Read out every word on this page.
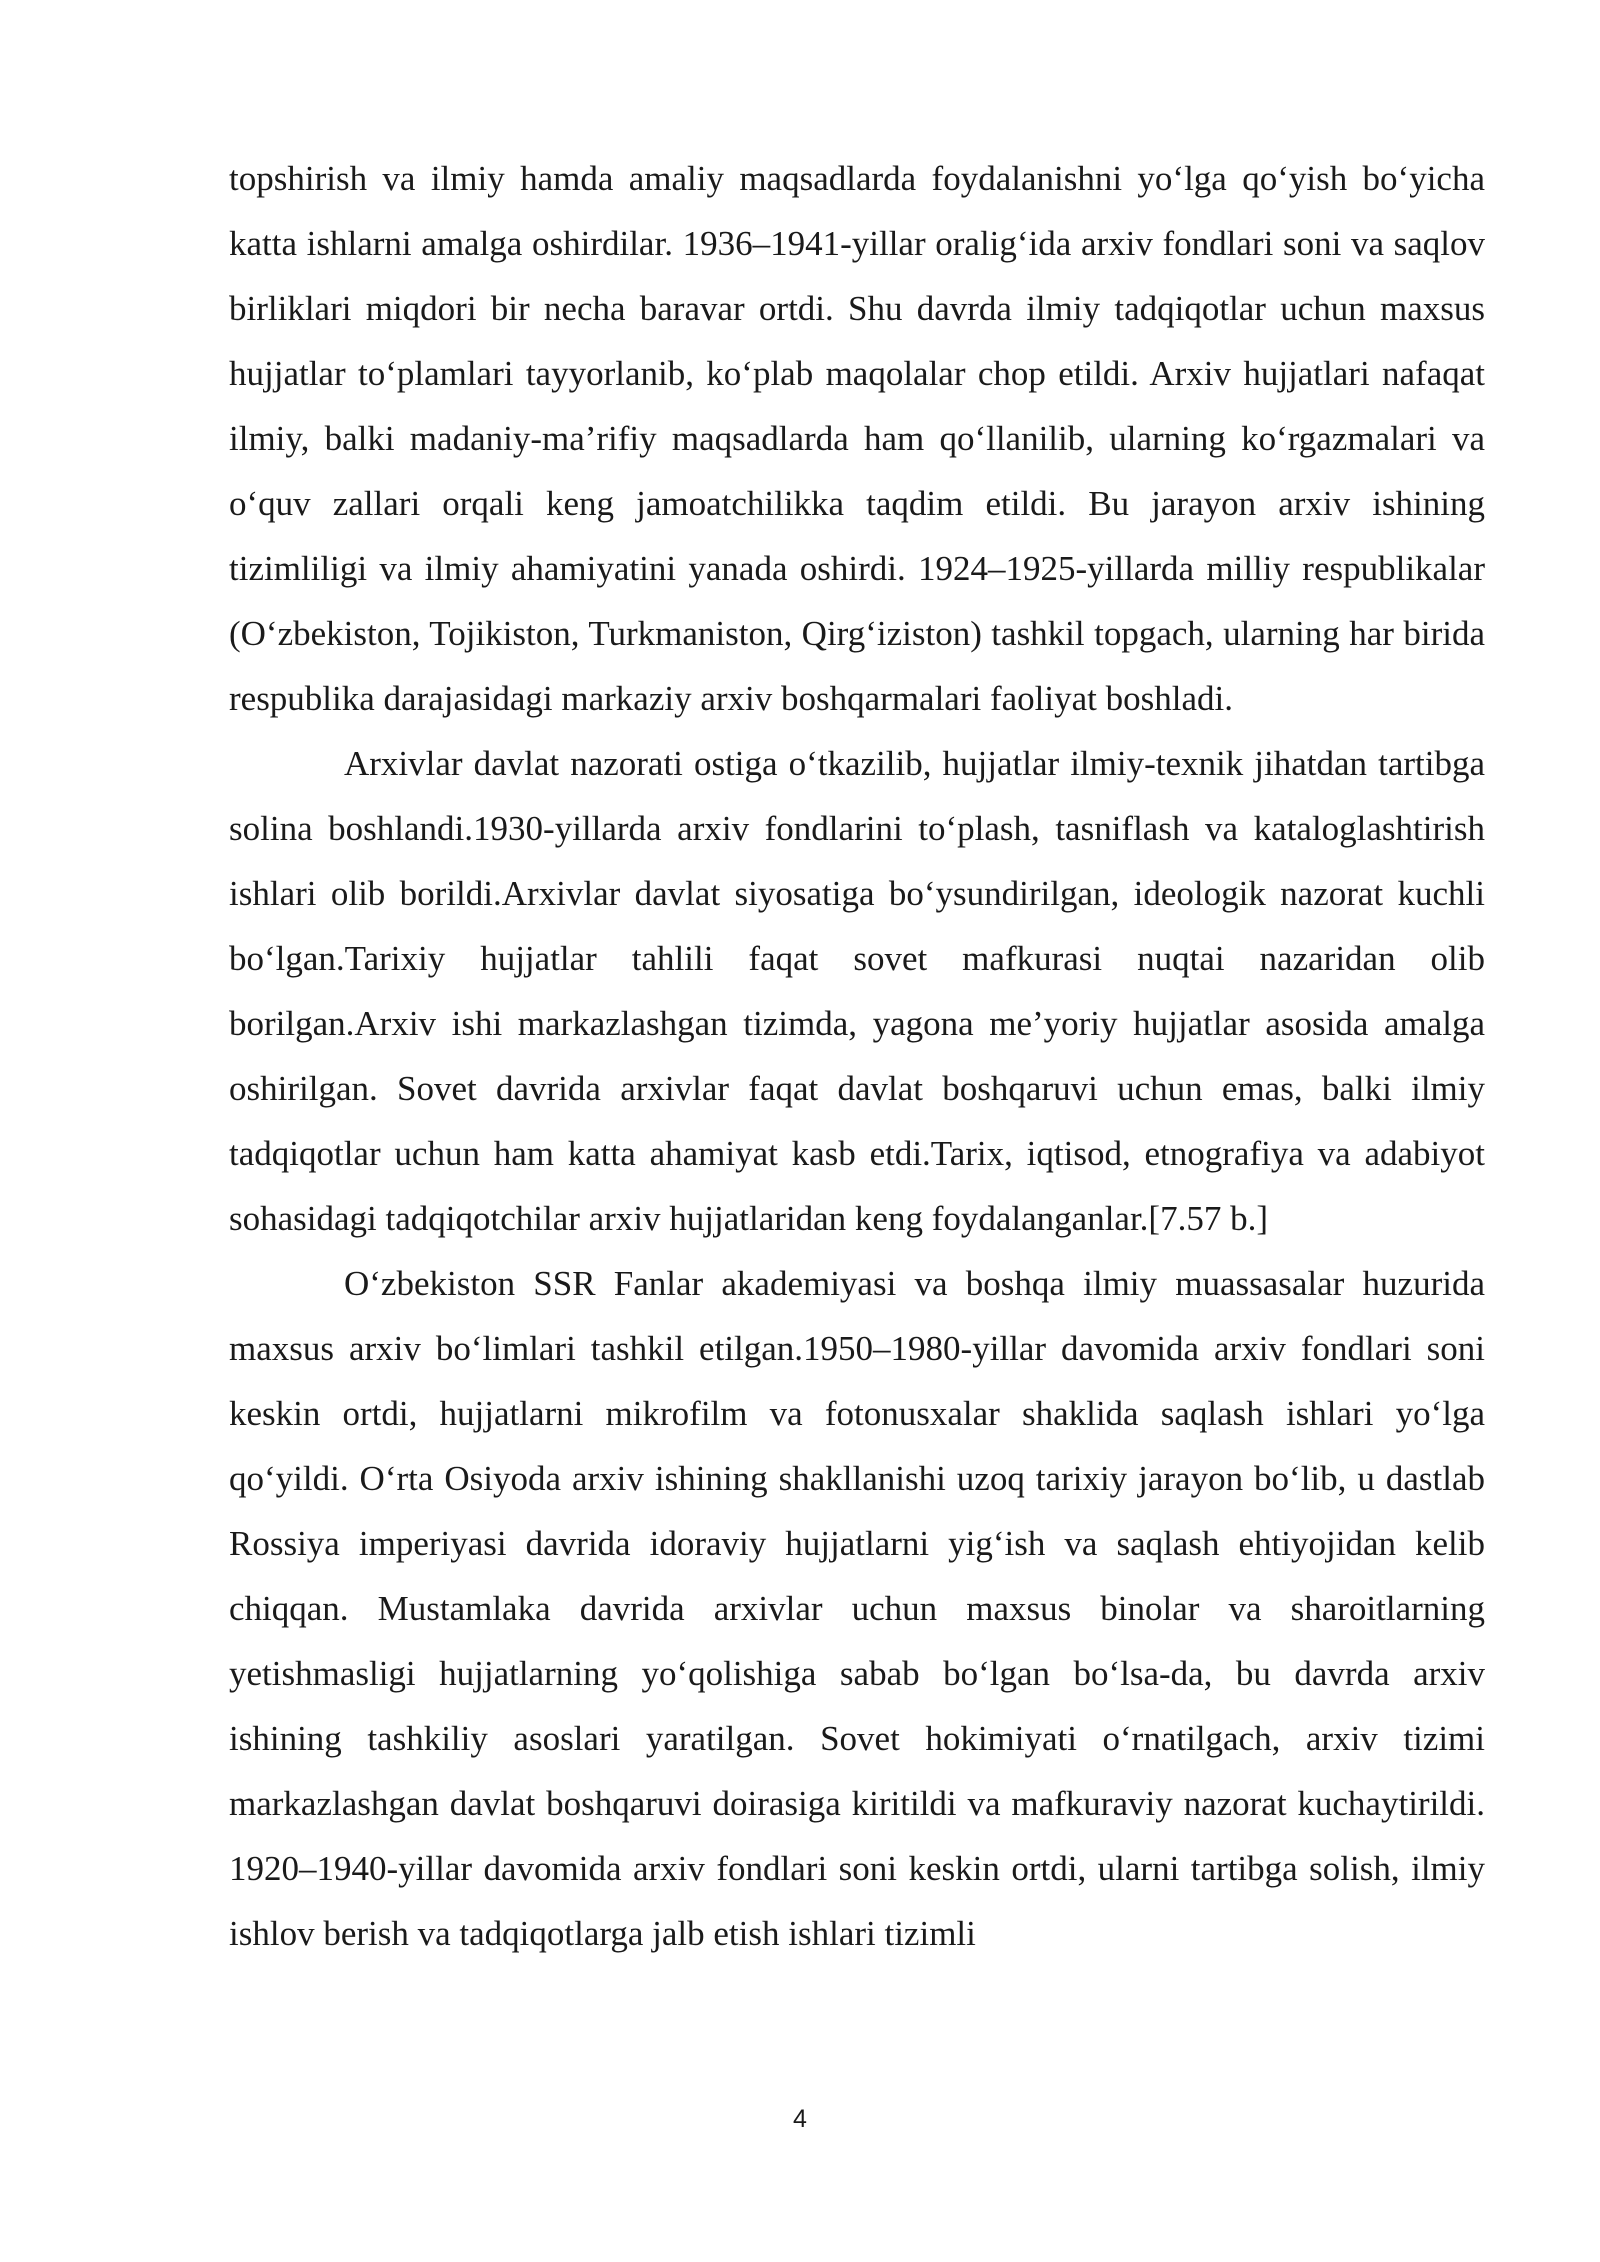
topshirish va ilmiy hamda amaliy maqsadlarda foydalanishni yo‘lga qo‘yish bo‘yicha katta ishlarni amalga oshirdilar. 1936–1941-yillar oralig‘ida arxiv fondlari soni va saqlov birliklari miqdori bir necha baravar ortdi. Shu davrda ilmiy tadqiqotlar uchun maxsus hujjatlar to‘plamlari tayyorlanib, ko‘plab maqolalar chop etildi. Arxiv hujjatlari nafaqat ilmiy, balki madaniy-ma’rifiy maqsadlarda ham qo‘llanilib, ularning ko‘rgazmalari va o‘quv zallari orqali keng jamoatchilikka taqdim etildi. Bu jarayon arxiv ishining tizimliligi va ilmiy ahamiyatini yanada oshirdi. 1924–1925-yillarda milliy respublikalar (O‘zbekiston, Tojikiston, Turkmaniston, Qirg‘iziston) tashkil topgach, ularning har birida respublika darajasidagi markaziy arxiv boshqarmalari faoliyat boshladi.

Arxivlar davlat nazorati ostiga o‘tkazilib, hujjatlar ilmiy-texnik jihatdan tartibga solina boshlandi.1930-yillarda arxiv fondlarini to‘plash, tasniflash va kataloglashtirish ishlari olib borildi.Arxivlar davlat siyosatiga bo‘ysundirilgan, ideologik nazorat kuchli bo‘lgan.Tarixiy hujjatlar tahlili faqat sovet mafkurasi nuqtai nazaridan olib borilgan.Arxiv ishi markazlashgan tizimda, yagona me’yoriy hujjatlar asosida amalga oshirilgan. Sovet davrida arxivlar faqat davlat boshqaruvi uchun emas, balki ilmiy tadqiqotlar uchun ham katta ahamiyat kasb etdi.Tarix, iqtisod, etnografiya va adabiyot sohasidagi tadqiqotchilar arxiv hujjatlaridan keng foydalanganlar.[7.57 b.]

O‘zbekiston SSR Fanlar akademiyasi va boshqa ilmiy muassasalar huzurida maxsus arxiv bo‘limlari tashkil etilgan.1950–1980-yillar davomida arxiv fondlari soni keskin ortdi, hujjatlarni mikrofilm va fotonusxalar shaklida saqlash ishlari yo‘lga qo‘yildi. O‘rta Osiyoda arxiv ishining shakllanishi uzoq tarixiy jarayon bo‘lib, u dastlab Rossiya imperiyasi davrida idoraviy hujjatlarni yig‘ish va saqlash ehtiyojidan kelib chiqqan. Mustamlaka davrida arxivlar uchun maxsus binolar va sharoitlarning yetishmasligi hujjatlarning yo‘qolishiga sabab bo‘lgan bo‘lsa-da, bu davrda arxiv ishining tashkiliy asoslari yaratilgan. Sovet hokimiyati o‘rnatilgach, arxiv tizimi markazlashgan davlat boshqaruvi doirasiga kiritildi va mafkuraviy nazorat kuchaytirildi. 1920–1940-yillar davomida arxiv fondlari soni keskin ortdi, ularni tartibga solish, ilmiy ishlov berish va tadqiqotlarga jalb etish ishlari tizimli

4
